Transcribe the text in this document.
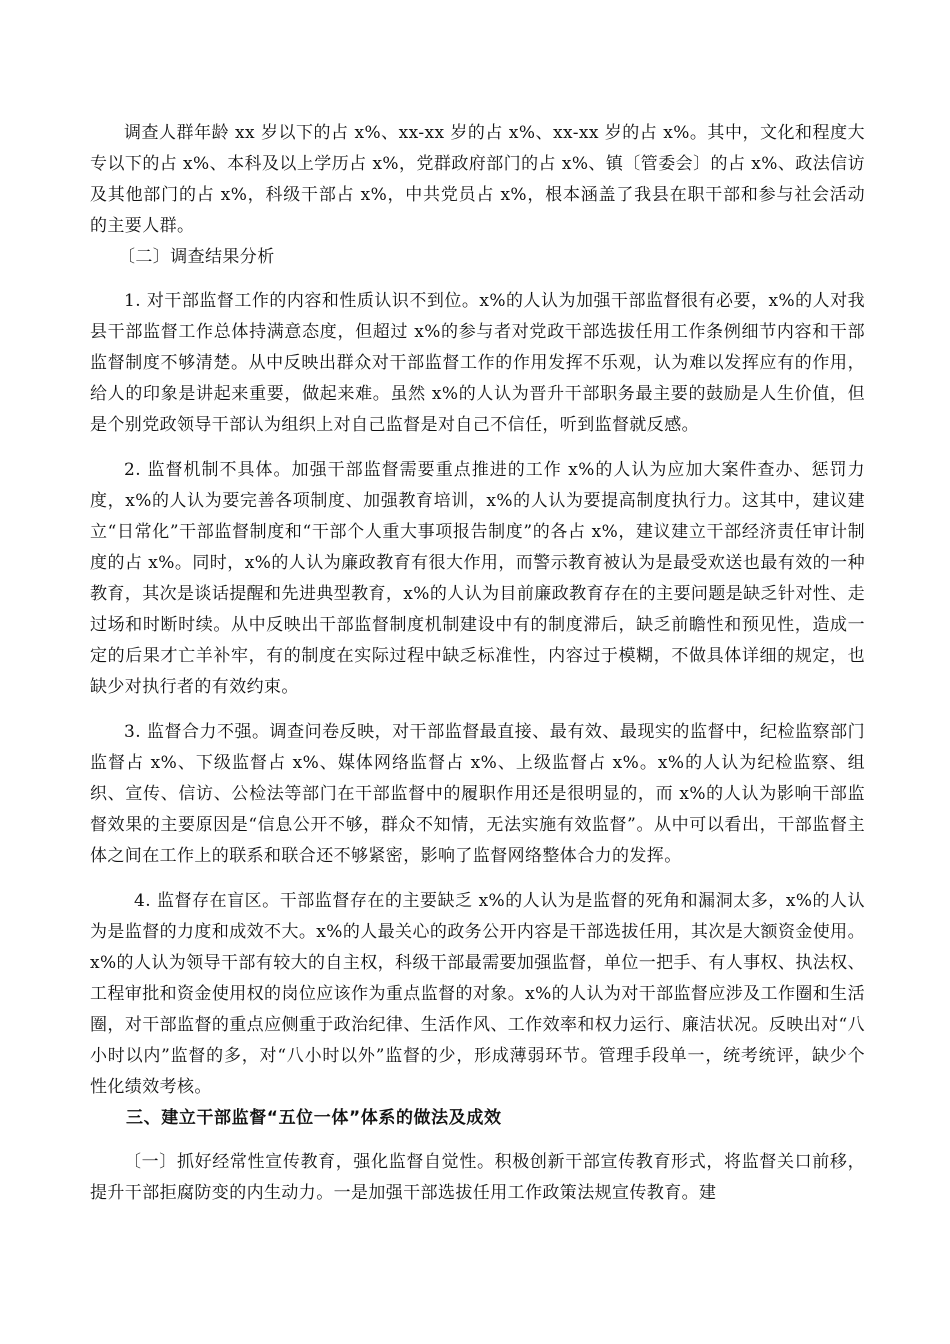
调查人群年龄 xx 岁以下的占 x%、xx-xx 岁的占 x%、xx-xx 岁的占 x%。其中，文化和程度大专以下的占 x%、本科及以上学历占 x%，党群政府部门的占 x%、镇〔管委会〕的占 x%、政法信访及其他部门的占 x%，科级干部占 x%，中共党员占 x%，根本涵盖了我县在职干部和参与社会活动的主要人群。

〔二〕调查结果分析

1. 对干部监督工作的内容和性质认识不到位。x%的人认为加强干部监督很有必要，x%的人对我县干部监督工作总体持满意态度，但超过 x%的参与者对党政干部选拔任用工作条例细节内容和干部监督制度不够清楚。从中反映出群众对干部监督工作的作用发挥不乐观，认为难以发挥应有的作用，给人的印象是讲起来重要，做起来难。虽然 x%的人认为晋升干部职务最主要的鼓励是人生价值，但是个别党政领导干部认为组织上对自己监督是对自己不信任，听到监督就反感。

2. 监督机制不具体。加强干部监督需要重点推进的工作 x%的人认为应加大案件查办、惩罚力度，x%的人认为要完善各项制度、加强教育培训，x%的人认为要提高制度执行力。这其中，建议建立“日常化”干部监督制度和“干部个人重大事项报告制度”的各占 x%，建议建立干部经济责任审计制度的占 x%。同时，x%的人认为廉政教育有很大作用，而警示教育被认为是最受欢送也最有效的一种教育，其次是谈话提醒和先进典型教育，x%的人认为目前廉政教育存在的主要问题是缺乏针对性、走过场和时断时续。从中反映出干部监督制度机制建设中有的制度滞后，缺乏前瞻性和预见性，造成一定的后果才亡羊补牢，有的制度在实际过程中缺乏标准性，内容过于模糊，不做具体详细的规定，也缺少对执行者的有效约束。

3. 监督合力不强。调查问卷反映，对干部监督最直接、最有效、最现实的监督中，纪检监察部门监督占 x%、下级监督占 x%、媒体网络监督占 x%、上级监督占 x%。x%的人认为纪检监察、组织、宣传、信访、公检法等部门在干部监督中的履职作用还是很明显的，而 x%的人认为影响干部监督效果的主要原因是“信息公开不够，群众不知情，无法实施有效监督”。从中可以看出，干部监督主体之间在工作上的联系和联合还不够紧密，影响了监督网络整体合力的发挥。

4. 监督存在盲区。干部监督存在的主要缺乏 x%的人认为是监督的死角和漏洞太多，x%的人认为是监督的力度和成效不大。x%的人最关心的政务公开内容是干部选拔任用，其次是大额资金使用。x%的人认为领导干部有较大的自主权，科级干部最需要加强监督，单位一把手、有人事权、执法权、工程审批和资金使用权的岗位应该作为重点监督的对象。x%的人认为对干部监督应涉及工作圈和生活圈，对干部监督的重点应侧重于政治纪律、生活作风、工作效率和权力运行、廉洁状况。反映出对“八小时以内”监督的多，对“八小时以外”监督的少，形成薄弱环节。管理手段单一，统考统评，缺少个性化绩效考核。

三、建立干部监督“五位一体”体系的做法及成效

〔一〕抓好经常性宣传教育，强化监督自觉性。积极创新干部宣传教育形式，将监督关口前移，提升干部拒腐防变的内生动力。一是加强干部选拔任用工作政策法规宣传教育。建
